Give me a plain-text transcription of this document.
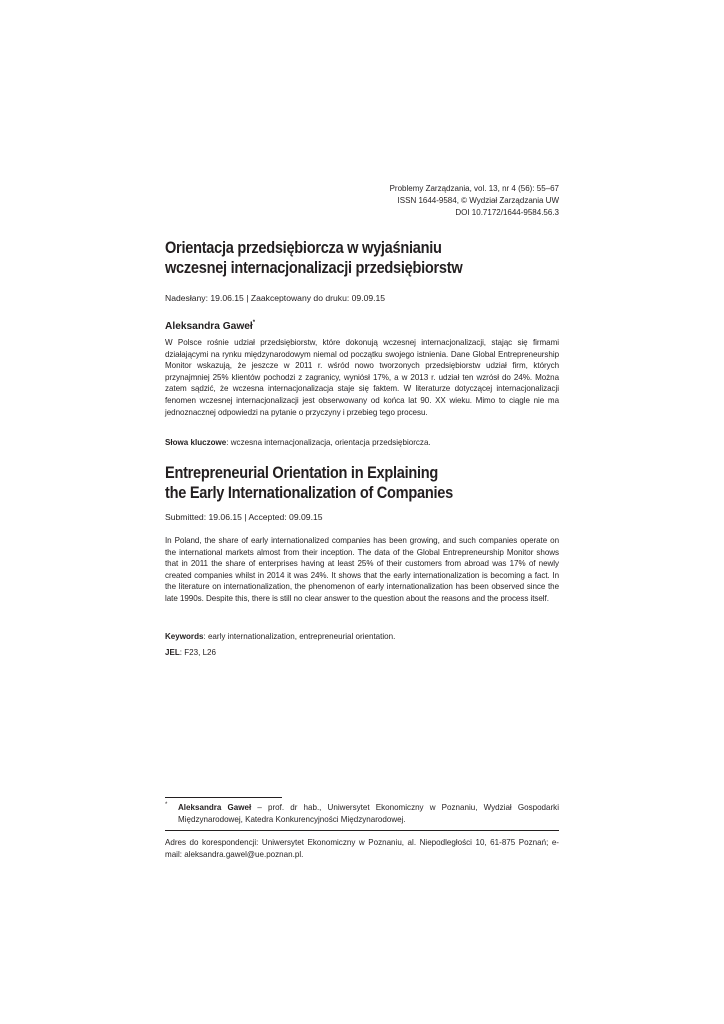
Problemy Zarządzania, vol. 13, nr 4 (56): 55–67
ISSN 1644-9584, © Wydział Zarządzania UW
DOI 10.7172/1644-9584.56.3
Orientacja przedsiębiorcza w wyjaśnianiu
wczesnej internacjonalizacji przedsiębiorstw
Nadesłany: 19.06.15 | Zaakceptowany do druku: 09.09.15
Aleksandra Gaweł*
W Polsce rośnie udział przedsiębiorstw, które dokonują wczesnej internacjonalizacji, stając się firmami działającymi na rynku międzynarodowym niemal od początku swojego istnienia. Dane Global Entrepreneurship Monitor wskazują, że jeszcze w 2011 r. wśród nowo tworzonych przedsiębiorstw udział firm, których przynajmniej 25% klientów pochodzi z zagranicy, wyniósł 17%, a w 2013 r. udział ten wzrósł do 24%. Można zatem sądzić, że wczesna internacjonalizacja staje się faktem. W literaturze dotyczącej internacjonalizacji fenomen wczesnej internacjonalizacji jest obserwowany od końca lat 90. XX wieku. Mimo to ciągle nie ma jednoznacznej odpowiedzi na pytanie o przyczyny i przebieg tego procesu.
Słowa kluczowe: wczesna internacjonalizacja, orientacja przedsiębiorcza.
Entrepreneurial Orientation in Explaining
the Early Internationalization of Companies
Submitted: 19.06.15 | Accepted: 09.09.15
In Poland, the share of early internationalized companies has been growing, and such companies operate on the international markets almost from their inception. The data of the Global Entrepreneurship Monitor shows that in 2011 the share of enterprises having at least 25% of their customers from abroad was 17% of newly created companies whilst in 2014 it was 24%. It shows that the early internationalization is becoming a fact. In the literature on internationalization, the phenomenon of early internationalization has been observed since the late 1990s. Despite this, there is still no clear answer to the question about the reasons and the process itself.
Keywords: early internationalization, entrepreneurial orientation.
JEL: F23, L26
* Aleksandra Gaweł – prof. dr hab., Uniwersytet Ekonomiczny w Poznaniu, Wydział Gospodarki Międzynarodowej, Katedra Konkurencyjności Międzynarodowej.
Adres do korespondencji: Uniwersytet Ekonomiczny w Poznaniu, al. Niepodległości 10, 61-875 Poznań; e-mail: aleksandra.gawel@ue.poznan.pl.
